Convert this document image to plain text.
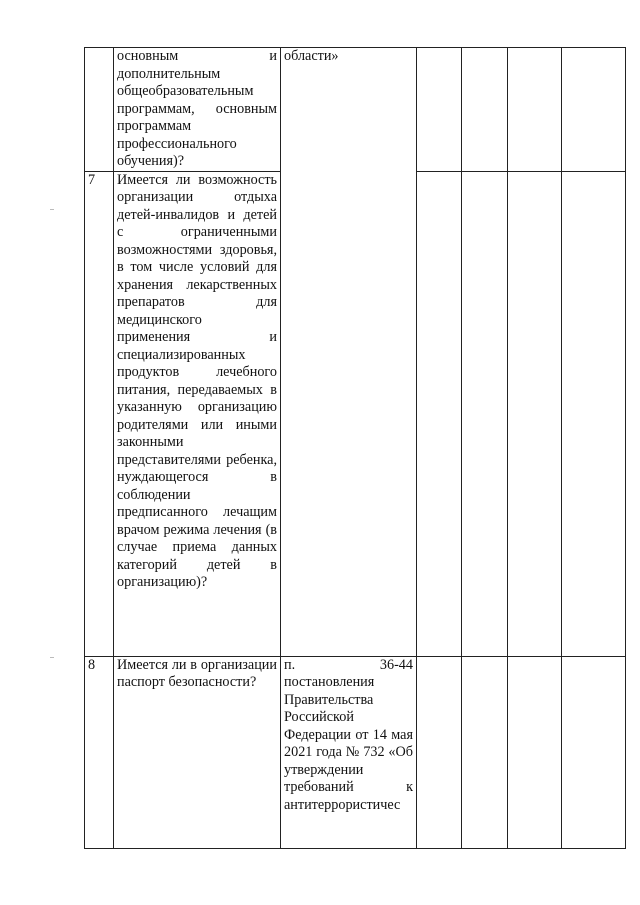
	основным и дополнительным общеобразовательным программам, основным программам профессионального обучения)?	области»				

7	Имеется ли возможность организации отдыха детей-инвалидов и детей с ограниченными возможностями здоровья, в том числе условий для хранения лекарственных препаратов для медицинского применения и специализированных продуктов лечебного питания, передаваемых в указанную организацию родителями или иными законными представителями ребенка, нуждающегося в соблюдении предписанного лечащим врачом режима лечения (в случае приема данных категорий детей в организацию)?					

8	Имеется ли в организации паспорт безопасности?	п. 36-44 постановления Правительства Российской Федерации от 14 мая 2021 года № 732 «Об утверждении требований к антитеррористичес				
